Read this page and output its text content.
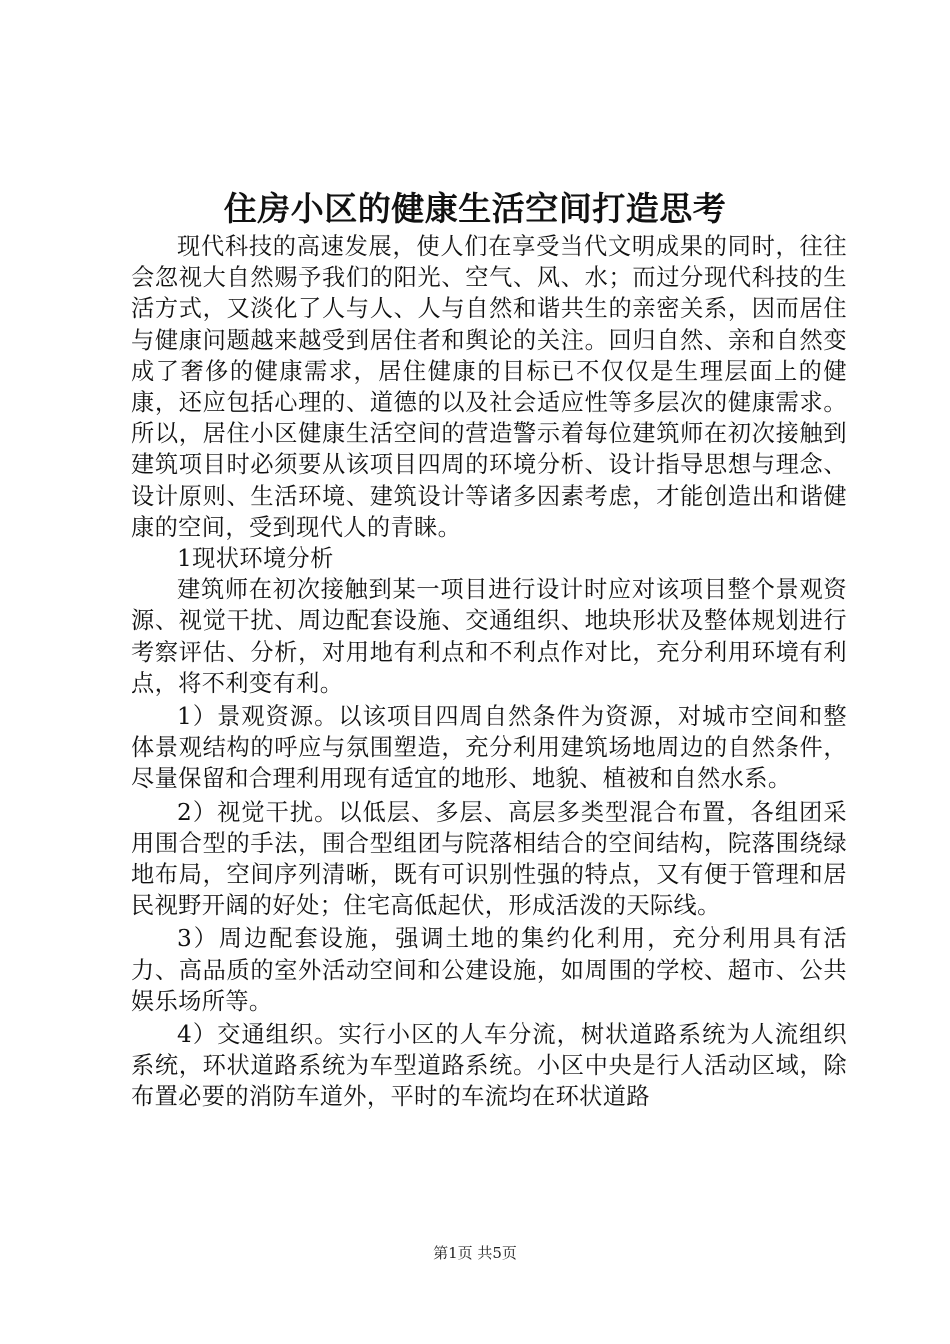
住房小区的健康生活空间打造思考

现代科技的高速发展，使人们在享受当代文明成果的同时，往往会忽视大自然赐予我们的阳光、空气、风、水；而过分现代科技的生活方式，又淡化了人与人、人与自然和谐共生的亲密关系，因而居住与健康问题越来越受到居住者和舆论的关注。回归自然、亲和自然变成了奢侈的健康需求，居住健康的目标已不仅仅是生理层面上的健康，还应包括心理的、道德的以及社会适应性等多层次的健康需求。所以，居住小区健康生活空间的营造警示着每位建筑师在初次接触到建筑项目时必须要从该项目四周的环境分析、设计指导思想与理念、设计原则、生活环境、建筑设计等诸多因素考虑，才能创造出和谐健康的空间，受到现代人的青睐。

1现状环境分析

建筑师在初次接触到某一项目进行设计时应对该项目整个景观资源、视觉干扰、周边配套设施、交通组织、地块形状及整体规划进行考察评估、分析，对用地有利点和不利点作对比，充分利用环境有利点，将不利变有利。

1）景观资源。以该项目四周自然条件为资源，对城市空间和整体景观结构的呼应与氛围塑造，充分利用建筑场地周边的自然条件，尽量保留和合理利用现有适宜的地形、地貌、植被和自然水系。

2）视觉干扰。以低层、多层、高层多类型混合布置，各组团采用围合型的手法，围合型组团与院落相结合的空间结构，院落围绕绿地布局，空间序列清晰，既有可识别性强的特点，又有便于管理和居民视野开阔的好处；住宅高低起伏，形成活泼的天际线。

3）周边配套设施，强调土地的集约化利用，充分利用具有活力、高品质的室外活动空间和公建设施，如周围的学校、超市、公共娱乐场所等。

4）交通组织。实行小区的人车分流，树状道路系统为人流组织系统，环状道路系统为车型道路系统。小区中央是行人活动区域，除布置必要的消防车道外，平时的车流均在环状道路

第1页 共5页
